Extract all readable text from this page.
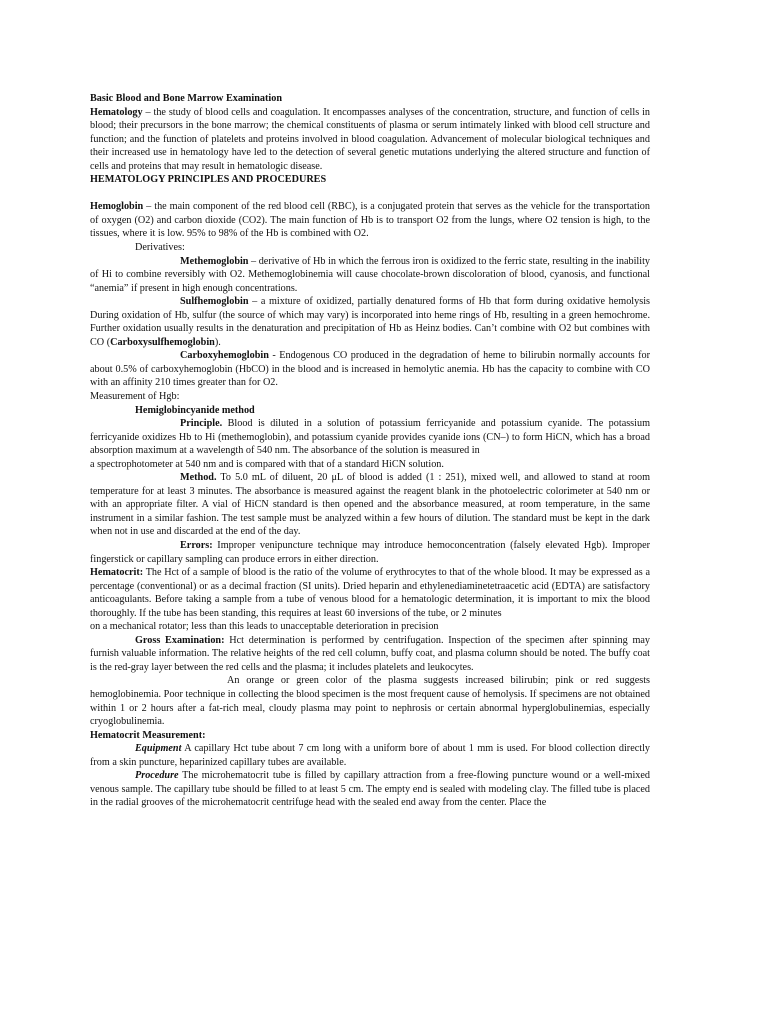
Basic Blood and Bone Marrow Examination

Hematology – the study of blood cells and coagulation. It encompasses analyses of the concentration, structure, and function of cells in blood; their precursors in the bone marrow; the chemical constituents of plasma or serum intimately linked with blood cell structure and function; and the function of platelets and proteins involved in blood coagulation. Advancement of molecular biological techniques and their increased use in hematology have led to the detection of several genetic mutations underlying the altered structure and function of cells and proteins that may result in hematologic disease.

HEMATOLOGY PRINCIPLES AND PROCEDURES

Hemoglobin – the main component of the red blood cell (RBC), is a conjugated protein that serves as the vehicle for the transportation of oxygen (O2) and carbon dioxide (CO2). The main function of Hb is to transport O2 from the lungs, where O2 tension is high, to the tissues, where it is low. 95% to 98% of the Hb is combined with O2.

Derivatives:

Methemoglobin – derivative of Hb in which the ferrous iron is oxidized to the ferric state, resulting in the inability of Hi to combine reversibly with O2. Methemoglobinemia will cause chocolate-brown discoloration of blood, cyanosis, and functional “anemia” if present in high enough concentrations.

Sulfhemoglobin – a mixture of oxidized, partially denatured forms of Hb that form during oxidative hemolysis During oxidation of Hb, sulfur (the source of which may vary) is incorporated into heme rings of Hb, resulting in a green hemochrome. Further oxidation usually results in the denaturation and precipitation of Hb as Heinz bodies. Can’t combine with O2 but combines with CO (Carboxysulfhemoglobin).

Carboxyhemoglobin - Endogenous CO produced in the degradation of heme to bilirubin normally accounts for about 0.5% of carboxyhemoglobin (HbCO) in the blood and is increased in hemolytic anemia. Hb has the capacity to combine with CO with an affinity 210 times greater than for O2.

Measurement of Hgb:

Hemiglobincyanide method

Principle. Blood is diluted in a solution of potassium ferricyanide and potassium cyanide. The potassium ferricyanide oxidizes Hb to Hi (methemoglobin), and potassium cyanide provides cyanide ions (CN–) to form HiCN, which has a broad absorption maximum at a wavelength of 540 nm. The absorbance of the solution is measured in

a spectrophotometer at 540 nm and is compared with that of a standard HiCN solution.

Method. To 5.0 mL of diluent, 20 μL of blood is added (1 : 251), mixed well, and allowed to stand at room temperature for at least 3 minutes. The absorbance is measured against the reagent blank in the photoelectric colorimeter at 540 nm or with an appropriate filter. A vial of HiCN standard is then opened and the absorbance measured, at room temperature, in the same instrument in a similar fashion. The test sample must be analyzed within a few hours of dilution. The standard must be kept in the dark when not in use and discarded at the end of the day.

Errors: Improper venipuncture technique may introduce hemoconcentration (falsely elevated Hgb). Improper fingerstick or capillary sampling can produce errors in either direction.

Hematocrit: The Hct of a sample of blood is the ratio of the volume of erythrocytes to that of the whole blood. It may be expressed as a percentage (conventional) or as a decimal fraction (SI units). Dried heparin and ethylenediaminetetraacetic acid (EDTA) are satisfactory anticoagulants. Before taking a sample from a tube of venous blood for a hematologic determination, it is important to mix the blood thoroughly. If the tube has been standing, this requires at least 60 inversions of the tube, or 2 minutes

on a mechanical rotator; less than this leads to unacceptable deterioration in precision

Gross Examination: Hct determination is performed by centrifugation. Inspection of the specimen after spinning may furnish valuable information. The relative heights of the red cell column, buffy coat, and plasma column should be noted. The buffy coat is the red-gray layer between the red cells and the plasma; it includes platelets and leukocytes.

An orange or green color of the plasma suggests increased bilirubin; pink or red suggests hemoglobinemia. Poor technique in collecting the blood specimen is the most frequent cause of hemolysis. If specimens are not obtained within 1 or 2 hours after a fat-rich meal, cloudy plasma may point to nephrosis or certain abnormal hyperglobulinemias, especially cryoglobulinemia.

Hematocrit Measurement:

Equipment A capillary Hct tube about 7 cm long with a uniform bore of about 1 mm is used. For blood collection directly from a skin puncture, heparinized capillary tubes are available.

Procedure The microhematocrit tube is filled by capillary attraction from a free-flowing puncture wound or a well-mixed venous sample. The capillary tube should be filled to at least 5 cm. The empty end is sealed with modeling clay. The filled tube is placed in the radial grooves of the microhematocrit centrifuge head with the sealed end away from the center. Place the
